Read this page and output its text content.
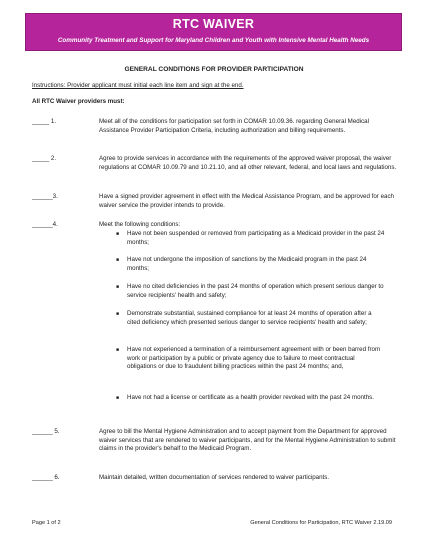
RTC WAIVER
Community Treatment and Support for Maryland Children and Youth with Intensive Mental Health Needs
GENERAL CONDITIONS FOR PROVIDER PARTICIPATION
Instructions: Provider applicant must initial each line item and sign at the end.
All RTC Waiver providers must:
_____ 1.	Meet all of the conditions for participation set forth in COMAR 10.09.36. regarding General Medical Assistance Provider Participation Criteria, including authorization and billing requirements.
_____ 2.	Agree to provide services in accordance with the requirements of the approved waiver proposal, the waiver regulations at COMAR 10.09.79 and 10.21.10, and all other relevant, federal, and local laws and regulations.
______3.	Have a signed provider agreement in effect with the Medical Assistance Program, and be approved for each waiver service the provider intends to provide.
______4.	Meet the following conditions:
■ Have not been suspended or removed from participating as a Medicaid provider in the past 24 months;
■ Have not undergone the imposition of sanctions by the Medicaid program in the past 24 months;
■ Have no cited deficiencies in the past 24 months of operation which present serious danger to service recipients' health and safety;
■ Demonstrate substantial, sustained compliance for at least 24 months of operation after a cited deficiency which presented serious danger to service recipients' health and safety;
■ Have not experienced a termination of a reimbursement agreement with or been barred from work or participation by a public or private agency due to failure to meet contractual obligations or due to fraudulent billing practices within the past 24 months; and,
■ Have not had a license or certificate as a health provider revoked with the past 24 months.
______ 5.	Agree to bill the Mental Hygiene Administration and to accept payment from the Department for approved waiver services that are rendered to waiver participants, and for the Mental Hygiene Administration to submit claims in the provider's behalf to the Medicaid Program.
______ 6.	Maintain detailed, written documentation of services rendered to waiver participants.
Page 1 of 2	General Conditions for Participation, RTC Waiver 2.19.09
